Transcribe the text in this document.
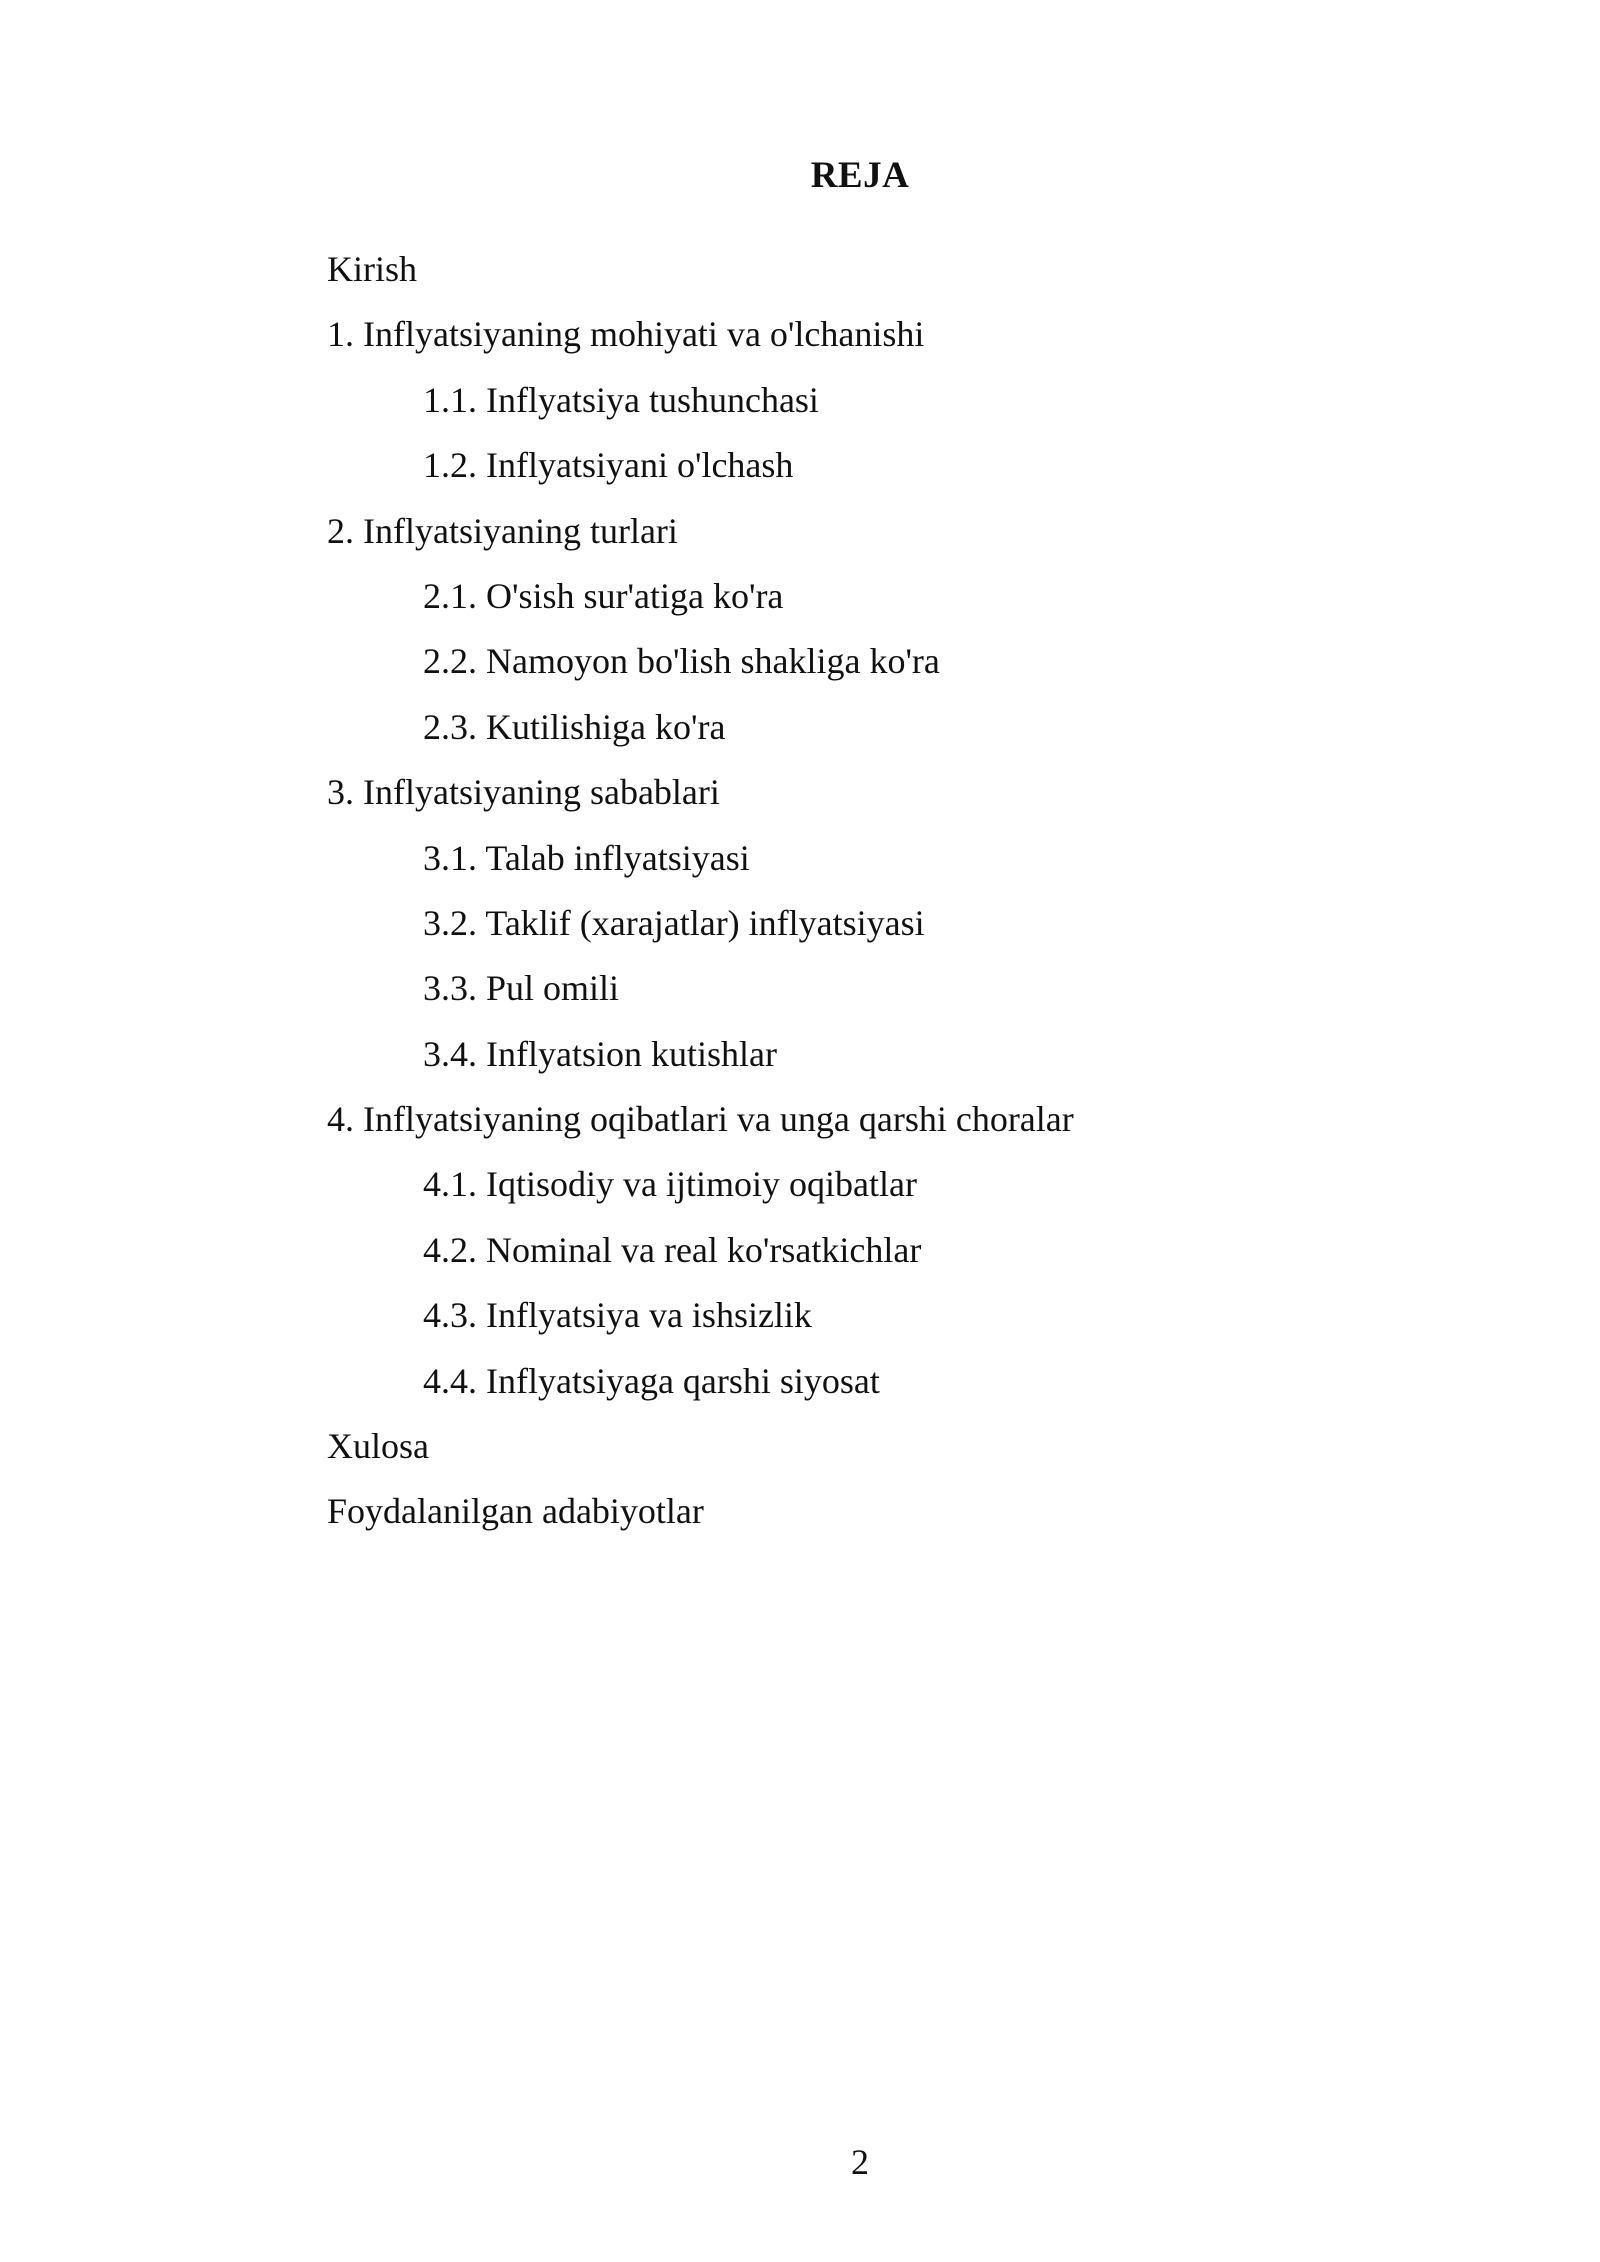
REJA
Kirish
1. Inflyatsiyaning mohiyati va o'lchanishi
1.1. Inflyatsiya tushunchasi
1.2. Inflyatsiyani o'lchash
2. Inflyatsiyaning turlari
2.1. O'sish sur'atiga ko'ra
2.2. Namoyon bo'lish shakliga ko'ra
2.3. Kutilishiga ko'ra
3. Inflyatsiyaning sabablari
3.1. Talab inflyatsiyasi
3.2. Taklif (xarajatlar) inflyatsiyasi
3.3. Pul omili
3.4. Inflyatsion kutishlar
4. Inflyatsiyaning oqibatlari va unga qarshi choralar
4.1. Iqtisodiy va ijtimoiy oqibatlar
4.2. Nominal va real ko'rsatkichlar
4.3. Inflyatsiya va ishsizlik
4.4. Inflyatsiyaga qarshi siyosat
Xulosa
Foydalanilgan adabiyotlar
2
